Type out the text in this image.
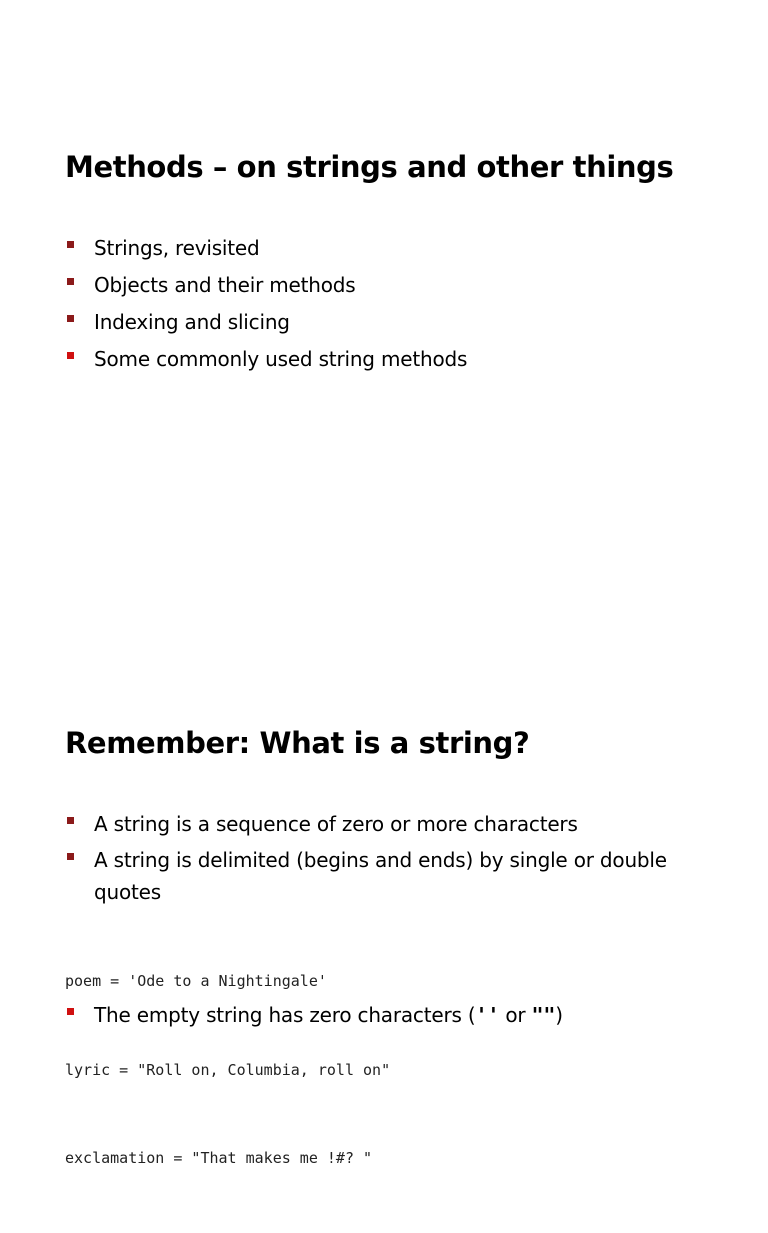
Methods – on strings and other things
Strings, revisited
Objects and their methods
Indexing and slicing
Some commonly used string methods
Remember: What is a string?
A string is a sequence of zero or more characters
A string is delimited (begins and ends) by single or double quotes

poem = 'Ode to a Nightingale'

lyric = "Roll on, Columbia, roll on"

exclamation = "That makes me !#? "

The empty string has zero characters ('' or "")
